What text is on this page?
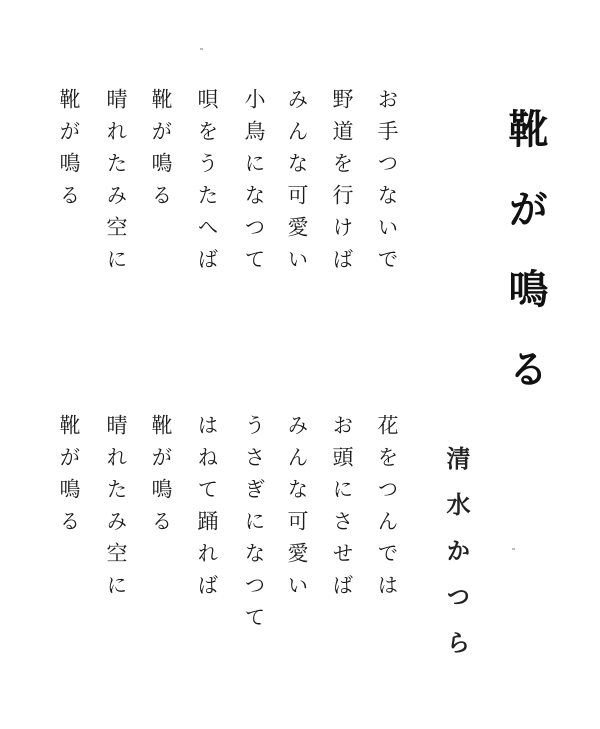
靴が鳴る
清水かつら
お手つないで
野道を行けば
みんな可愛い
小鳥になつて
唄をうたへば
靴が鳴る
晴れたみ空に
靴が鳴る
花をつんでは
お頭にさせば
みんな可愛い
うさぎになつて
はねて踊れば
靴が鳴る
晴れたみ空に
靴が鳴る
